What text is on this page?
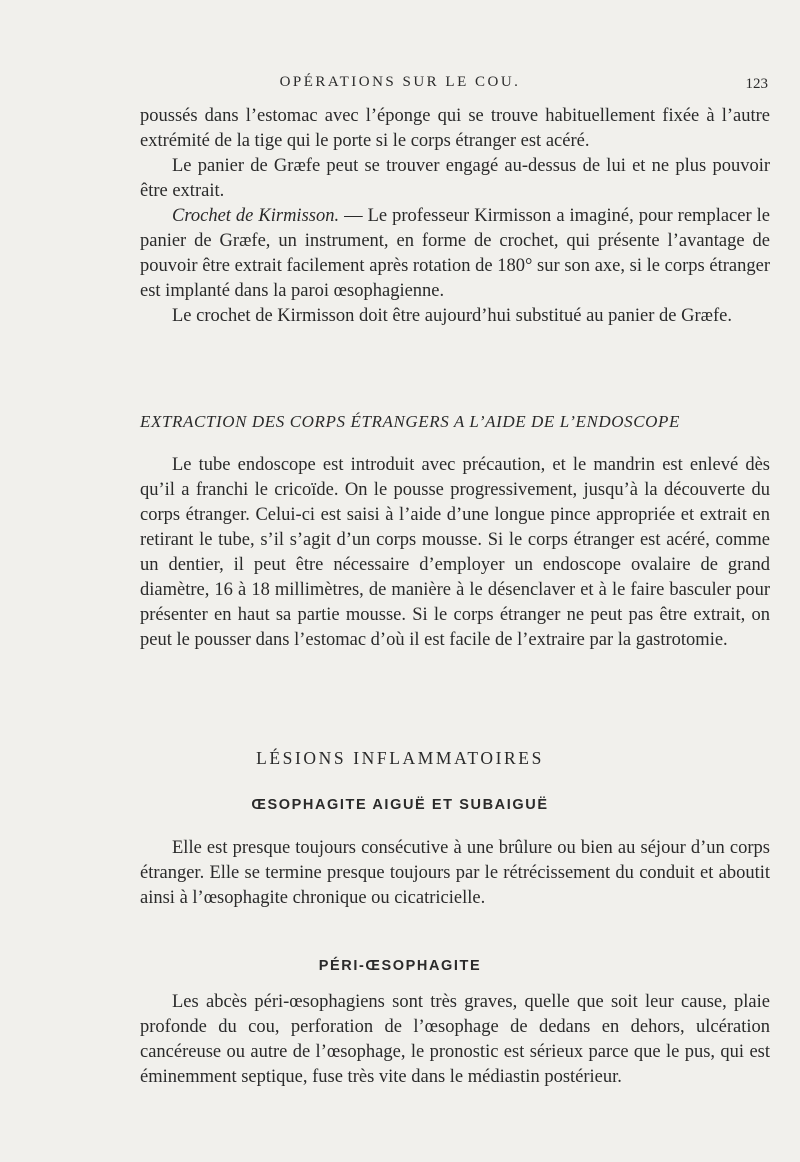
OPÉRATIONS SUR LE COU.	123

poussés dans l’estomac avec l’éponge qui se trouve habituellement fixée à l’autre extrémité de la tige qui le porte si le corps étranger est acéré.

Le panier de Græfe peut se trouver engagé au-dessus de lui et ne plus pouvoir être extrait.

Crochet de Kirmisson. — Le professeur Kirmisson a imaginé, pour remplacer le panier de Græfe, un instrument, en forme de crochet, qui présente l’avantage de pouvoir être extrait facilement après rotation de 180° sur son axe, si le corps étranger est implanté dans la paroi œsophagienne.

Le crochet de Kirmisson doit être aujourd’hui substitué au panier de Græfe.

EXTRACTION DES CORPS ÉTRANGERS A L’AIDE DE L’ENDOSCOPE

Le tube endoscope est introduit avec précaution, et le mandrin est enlevé dès qu’il a franchi le cricoïde. On le pousse progressivement, jusqu’à la découverte du corps étranger. Celui-ci est saisi à l’aide d’une longue pince appropriée et extrait en retirant le tube, s’il s’agit d’un corps mousse. Si le corps étranger est acéré, comme un dentier, il peut être nécessaire d’employer un endoscope ovalaire de grand diamètre, 16 à 18 millimètres, de manière à le désenclaver et à le faire basculer pour présenter en haut sa partie mousse. Si le corps étranger ne peut pas être extrait, on peut le pousser dans l’estomac d’où il est facile de l’extraire par la gastrotomie.

LÉSIONS INFLAMMATOIRES
ŒSOPHAGITE AIGUË ET SUBAIGUË

Elle est presque toujours consécutive à une brûlure ou bien au séjour d’un corps étranger. Elle se termine presque toujours par le rétrécissement du conduit et aboutit ainsi à l’œsophagite chronique ou cicatricielle.

PÉRI-ŒSOPHAGITE

Les abcès péri-œsophagiens sont très graves, quelle que soit leur cause, plaie profonde du cou, perforation de l’œsophage de dedans en dehors, ulcération cancéreuse ou autre de l’œsophage, le pronostic est sérieux parce que le pus, qui est éminemment septique, fuse très vite dans le médiastin postérieur.
